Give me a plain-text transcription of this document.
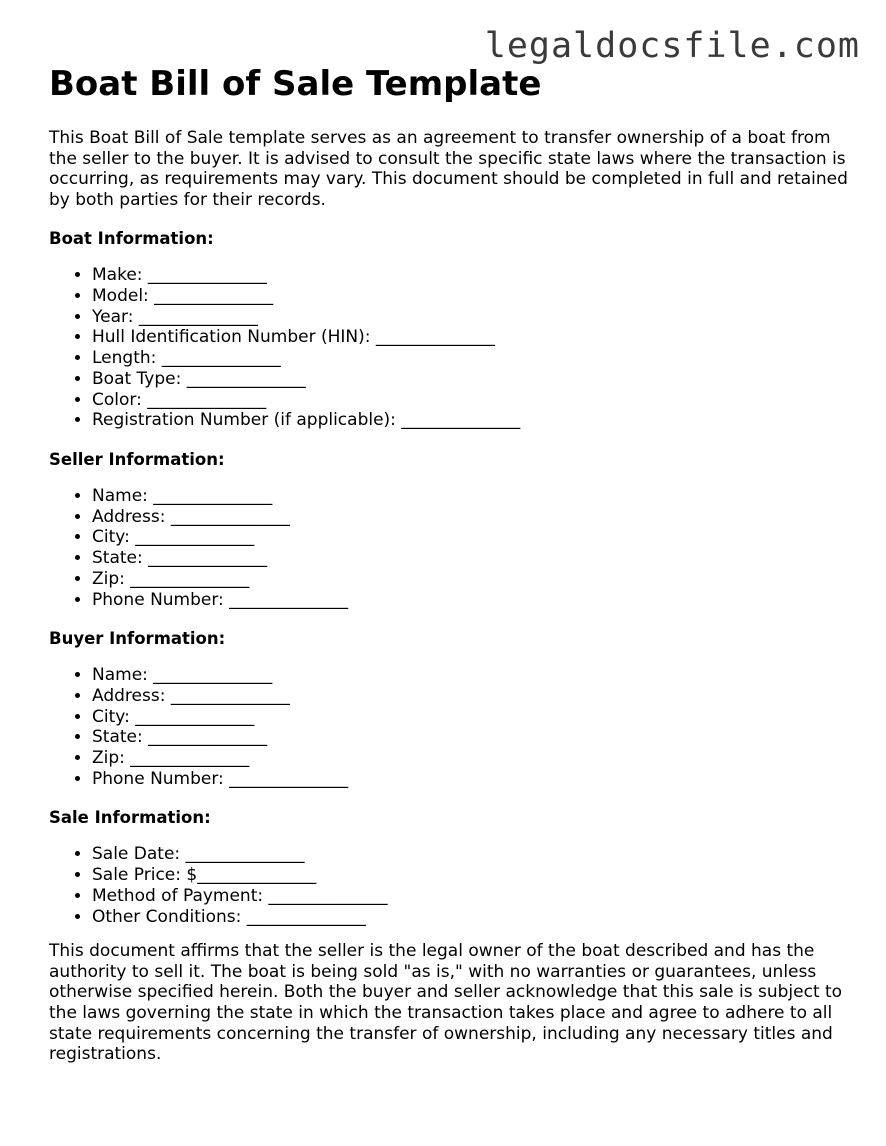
legaldocsfile.com
Boat Bill of Sale Template

This Boat Bill of Sale template serves as an agreement to transfer ownership of a boat from the seller to the buyer. It is advised to consult the specific state laws where the transaction is occurring, as requirements may vary. This document should be completed in full and retained by both parties for their records.

Boat Information:
• Make: ______________
• Model: ______________
• Year: ______________
• Hull Identification Number (HIN): ______________
• Length: ______________
• Boat Type: ______________
• Color: ______________
• Registration Number (if applicable): ______________
Seller Information:
• Name: ______________
• Address: ______________
• City: ______________
• State: ______________
• Zip: ______________
• Phone Number: ______________
Buyer Information:
• Name: ______________
• Address: ______________
• City: ______________
• State: ______________
• Zip: ______________
• Phone Number: ______________
Sale Information:
• Sale Date: ______________
• Sale Price: $______________
• Method of Payment: ______________
• Other Conditions: ______________

This document affirms that the seller is the legal owner of the boat described and has the authority to sell it. The boat is being sold "as is," with no warranties or guarantees, unless otherwise specified herein. Both the buyer and seller acknowledge that this sale is subject to the laws governing the state in which the transaction takes place and agree to adhere to all state requirements concerning the transfer of ownership, including any necessary titles and registrations.
